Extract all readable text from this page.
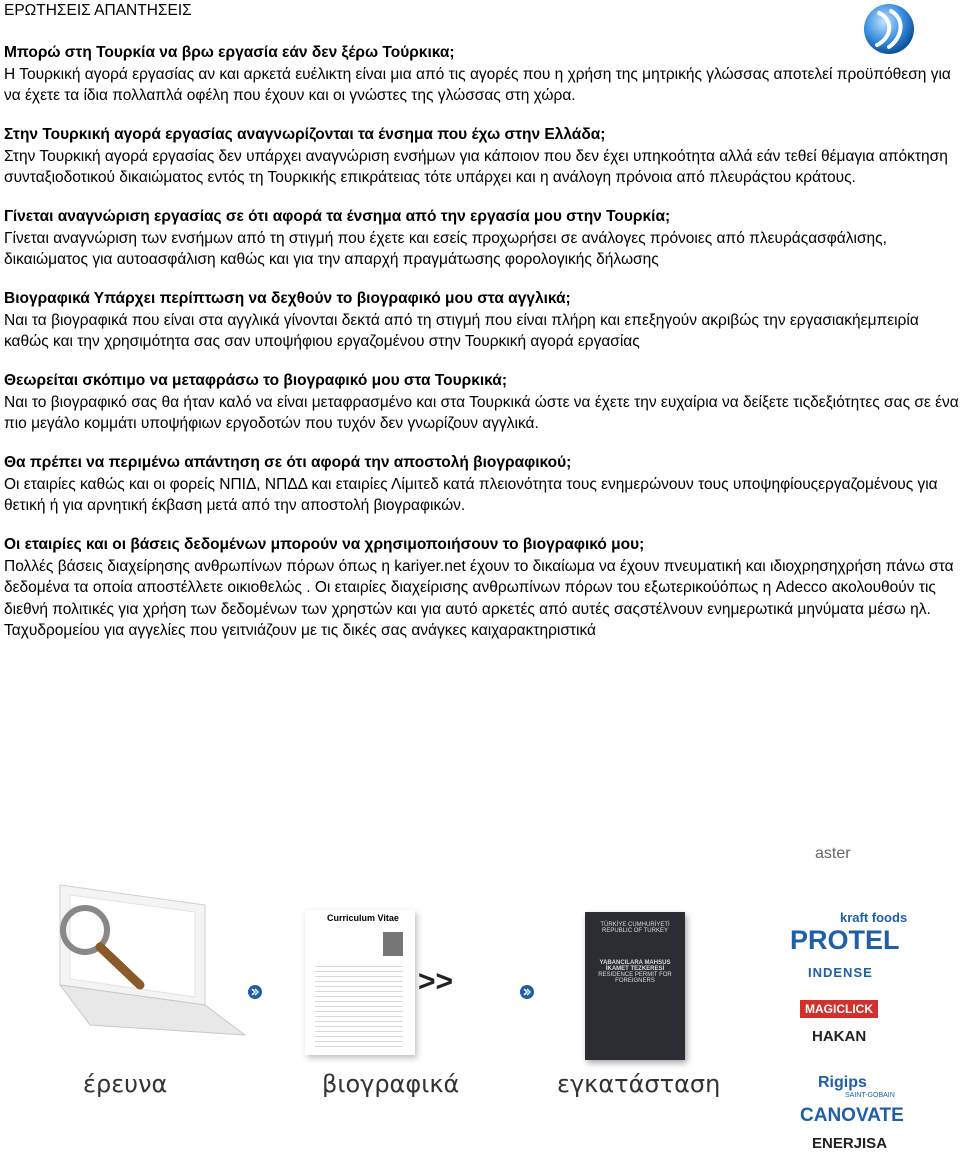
ΕΡΩΤΗΣΕΙΣ ΑΠΑΝΤΗΣΕΙΣ
Μπορώ στη Τουρκία να βρω εργασία εάν δεν ξέρω Τούρκικα;
Η Τουρκική αγορά εργασίας αν και αρκετά ευέλικτη είναι μια από τις αγορές που η χρήση της μητρικής γλώσσας αποτελεί προϋπόθεση για να έχετε τα ίδια πολλαπλά οφέλη που έχουν και οι γνώστες της γλώσσας στη χώρα.
Στην Τουρκική αγορά εργασίας αναγνωρίζονται τα ένσημα που έχω στην Ελλάδα;
Στην Τουρκική αγορά εργασίας δεν υπάρχει αναγνώριση ενσήμων για κάποιον που δεν έχει υπηκοότητα αλλά εάν τεθεί θέμαγια απόκτηση συνταξιοδοτικού δικαιώματος εντός τη Τουρκικής επικράτειας τότε υπάρχει και η ανάλογη πρόνοια από πλευράςτου κράτους.
Γίνεται αναγνώριση εργασίας σε ότι αφορά τα ένσημα από την εργασία μου στην Τουρκία;
Γίνεται αναγνώριση των ενσήμων από τη στιγμή που έχετε και εσείς προχωρήσει σε ανάλογες πρόνοιες από πλευράςασφάλισης, δικαιώματος για αυτοασφάλιση καθώς και για την απαρχή πραγμάτωσης φορολογικής δήλωσης
Βιογραφικά Υπάρχει περίπτωση να δεχθούν το βιογραφικό μου στα αγγλικά;
Ναι τα βιογραφικά που είναι στα αγγλικά γίνονται δεκτά από τη στιγμή που είναι πλήρη και επεξηγούν ακριβώς την εργασιακήεμπειρία καθώς και την χρησιμότητα σας σαν υποψήφιου εργαζομένου στην Τουρκική αγορά εργασίας
Θεωρείται σκόπιμο να μεταφράσω το βιογραφικό μου στα Τουρκικά;
Ναι το βιογραφικό σας θα ήταν καλό να είναι μεταφρασμένο και στα Τουρκικά ώστε να έχετε την ευχαίρια να δείξετε τιςδεξιότητες σας σε ένα πιο μεγάλο κομμάτι υποψήφιων εργοδοτών που τυχόν δεν γνωρίζουν αγγλικά.
Θα πρέπει να περιμένω απάντηση σε ότι αφορά την αποστολή βιογραφικού;
Οι εταιρίες καθώς και οι φορείς ΝΠΙΔ, ΝΠΔΔ και εταιρίες Λίμιτεδ κατά πλειονότητα τους ενημερώνουν τους υποψηφίουςεργαζομένους για θετική ή για αρνητική έκβαση μετά από την αποστολή βιογραφικών.
Οι εταιρίες και οι βάσεις δεδομένων μπορούν να χρησιμοποιήσουν το βιογραφικό μου;
Πολλές βάσεις διαχείρησης ανθρωπίνων πόρων όπως η kariyer.net έχουν το δικαίωμα να έχουν πνευματική και ιδιοχρησηχρήση πάνω στα δεδομένα τα οποία αποστέλλετε οικιοθελώς . Οι εταιρίες διαχείρισης ανθρωπίνων πόρων του εξωτερικούόπως η Adecco ακολουθούν τις διεθνή πολιτικές για χρήση των δεδομένων των χρηστών και για αυτό αρκετές από αυτές σαςστέλνουν ενημερωτικά μηνύματα μέσω ηλ. Ταχυδρομείου για αγγελίες που γειτνιάζουν με τις δικές σας ανάγκες καιχαρακτηριστικά
Curriculum Vitae
>>
TÜRKİYE CUMHURİYETİ
REPUBLIC OF TURKEY
YABANCILARA MAHSUS
İKAMET TEZKERESİ
RESIDENCE PERMIT FOR FOREIGNERS
έρευνα	βιογραφικά	εγκατάσταση
aster
kraft foods
PROTEL
INDENSE
MAGICLICK
HAKAN
Rigips
SAINT-GOBAIN
CANOVATE
ENERJISA
